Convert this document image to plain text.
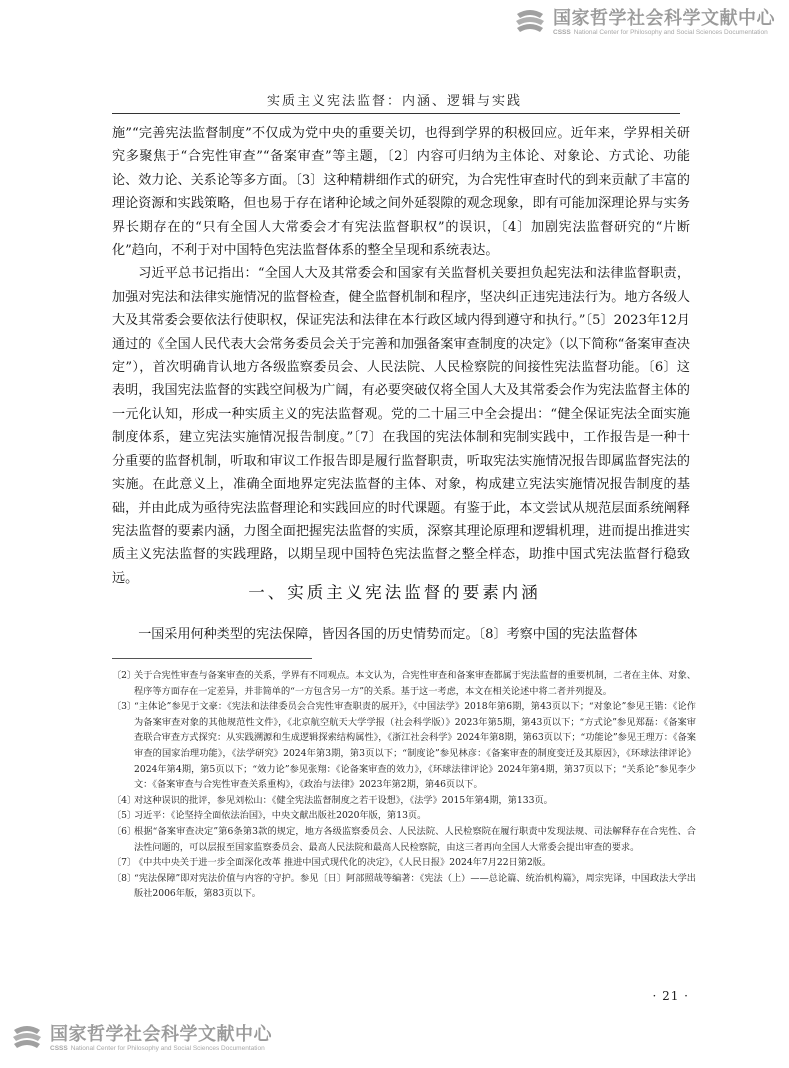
国家哲学社会科学文献中心
CSSS National Center for Philosophy and Social Sciences Documentation
实质主义宪法监督：内涵、逻辑与实践

施”“完善宪法监督制度”不仅成为党中央的重要关切，也得到学界的积极回应。近年来，学界相关研究多聚焦于“合宪性审查”“备案审查”等主题，〔2〕内容可归纳为主体论、对象论、方式论、功能论、效力论、关系论等多方面。〔3〕这种精耕细作式的研究，为合宪性审查时代的到来贡献了丰富的理论资源和实践策略，但也易于存在诸种论域之间外延裂隙的观念现象，即有可能加深理论界与实务界长期存在的“只有全国人大常委会才有宪法监督职权”的误识，〔4〕加剧宪法监督研究的“片断化”趋向，不利于对中国特色宪法监督体系的整全呈现和系统表达。

习近平总书记指出：“全国人大及其常委会和国家有关监督机关要担负起宪法和法律监督职责，加强对宪法和法律实施情况的监督检查，健全监督机制和程序，坚决纠正违宪违法行为。地方各级人大及其常委会要依法行使职权，保证宪法和法律在本行政区域内得到遵守和执行。”〔5〕2023年12月通过的《全国人民代表大会常务委员会关于完善和加强备案审查制度的决定》（以下简称“备案审查决定”），首次明确肯认地方各级监察委员会、人民法院、人民检察院的间接性宪法监督功能。〔6〕这表明，我国宪法监督的实践空间极为广阔，有必要突破仅将全国人大及其常委会作为宪法监督主体的一元化认知，形成一种实质主义的宪法监督观。党的二十届三中全会提出：“健全保证宪法全面实施制度体系，建立宪法实施情况报告制度。”〔7〕在我国的宪法体制和宪制实践中，工作报告是一种十分重要的监督机制，听取和审议工作报告即是履行监督职责，听取宪法实施情况报告即属监督宪法的实施。在此意义上，准确全面地界定宪法监督的主体、对象，构成建立宪法实施情况报告制度的基础，并由此成为亟待宪法监督理论和实践回应的时代课题。有鉴于此，本文尝试从规范层面系统阐释宪法监督的要素内涵，力图全面把握宪法监督的实质，深察其理论原理和逻辑机理，进而提出推进实质主义宪法监督的实践理路，以期呈现中国特色宪法监督之整全样态，助推中国式宪法监督行稳致远。

一、实质主义宪法监督的要素内涵
一国采用何种类型的宪法保障，皆因各国的历史情势而定。〔8〕考察中国的宪法监督体
〔2〕
关于合宪性审查与备案审查的关系，学界有不同观点。本文认为，合宪性审查和备案审查都属于宪法监督的重要机制，二者在主体、对象、程序等方面存在一定差异，并非简单的“一方包含另一方”的关系。基于这一考虑，本文在相关论述中将二者并列提及。
〔3〕
“主体论”参见于文豪：《宪法和法律委员会合宪性审查职责的展开》，《中国法学》2018年第6期，第43页以下；“对象论”参见王锴：《论作为备案审查对象的其他规范性文件》，《北京航空航天大学学报（社会科学版）》2023年第5期，第43页以下；“方式论”参见郑磊：《备案审查联合审查方式探究：从实践溯源和生成逻辑探索结构属性》，《浙江社会科学》2024年第8期，第63页以下；“功能论”参见王理万：《备案审查的国家治理功能》，《法学研究》2024年第3期，第3页以下；“制度论”参见林彦：《备案审查的制度变迁及其原因》，《环球法律评论》2024年第4期，第5页以下；“效力论”参见张翔：《论备案审查的效力》，《环球法律评论》2024年第4期，第37页以下；“关系论”参见李少文：《备案审查与合宪性审查关系重构》，《政治与法律》2023年第2期，第46页以下。
〔4〕
对这种误识的批评，参见刘松山：《健全宪法监督制度之若干设想》，《法学》2015年第4期，第133页。
〔5〕
习近平：《论坚持全面依法治国》，中央文献出版社2020年版，第13页。
〔6〕
根据“备案审查决定”第6条第3款的规定，地方各级监察委员会、人民法院、人民检察院在履行职责中发现法规、司法解释存在合宪性、合法性问题的，可以层报至国家监察委员会、最高人民法院和最高人民检察院，由这三者再向全国人大常委会提出审查的要求。
〔7〕
《中共中央关于进一步全面深化改革 推进中国式现代化的决定》，《人民日报》2024年7月22日第2版。
〔8〕
“宪法保障”即对宪法价值与内容的守护。参见〔日〕阿部照哉等编著：《宪法（上）——总论篇、统治机构篇》，周宗宪译，中国政法大学出版社2006年版，第83页以下。
· 21 ·
国家哲学社会科学文献中心
CSSS National Center for Philosophy and Social Sciences Documentation
